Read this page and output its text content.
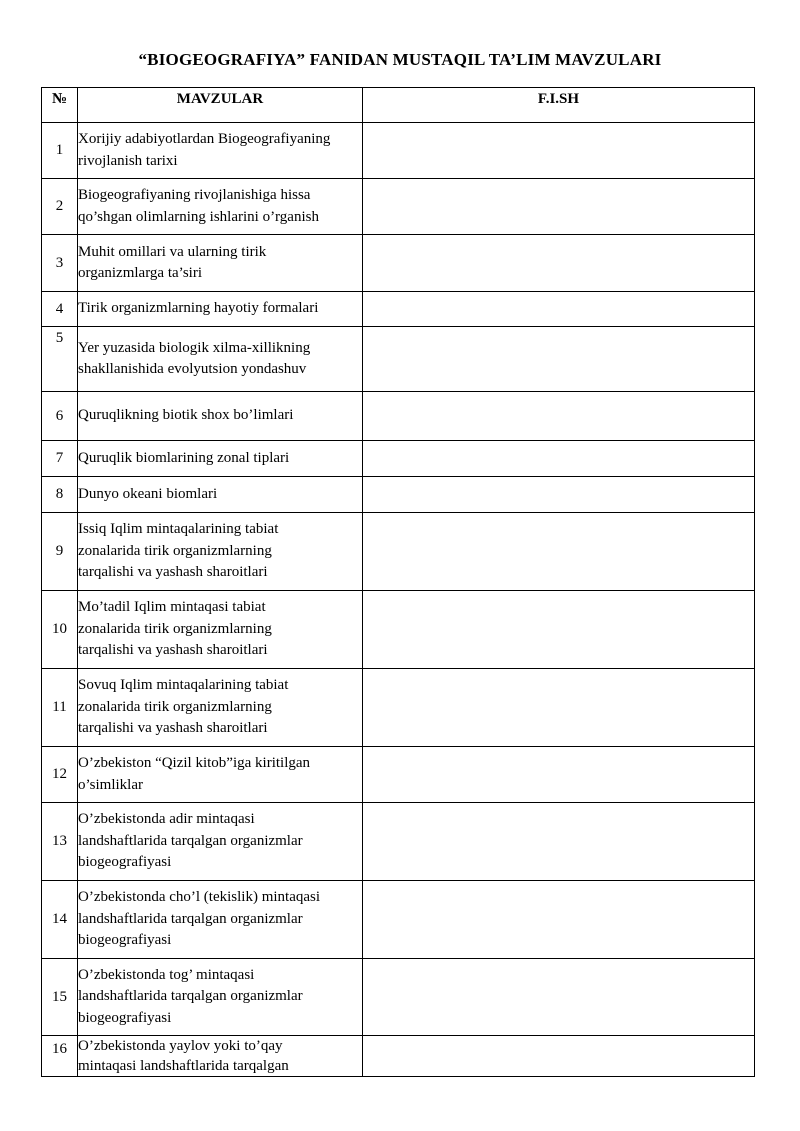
“BIOGEOGRAFIYA” FANIDAN MUSTAQIL TA’LIM MAVZULARI
№	MAVZULAR	F.I.SH
1	Xorijiy adabiyotlardan Biogeografiyaning
rivojlanish tarixi	
2	Biogeografiyaning rivojlanishiga hissa
qo’shgan olimlarning ishlarini o’rganish	
3	Muhit omillari va ularning tirik
organizmlarga ta’siri	
4	Tirik organizmlarning hayotiy formalari	
5	Yer yuzasida biologik xilma-xillikning
shakllanishida evolyutsion yondashuv	
6	Quruqlikning biotik shox bo’limlari	
7	Quruqlik biomlarining zonal tiplari	
8	Dunyo okeani biomlari	
9	Issiq Iqlim mintaqalarining tabiat
zonalarida tirik organizmlarning
tarqalishi va yashash sharoitlari	
10	Mo’tadil Iqlim mintaqasi tabiat
zonalarida tirik organizmlarning
tarqalishi va yashash sharoitlari	
11	Sovuq Iqlim mintaqalarining tabiat
zonalarida tirik organizmlarning
tarqalishi va yashash sharoitlari	
12	O’zbekiston “Qizil kitob”iga kiritilgan
o’simliklar	
13	O’zbekistonda adir mintaqasi
landshaftlarida tarqalgan organizmlar
biogeografiyasi	
14	O’zbekistonda cho’l (tekislik) mintaqasi
landshaftlarida tarqalgan organizmlar
biogeografiyasi	
15	O’zbekistonda tog’ mintaqasi
landshaftlarida tarqalgan organizmlar
biogeografiyasi	
16	O’zbekistonda yaylov yoki to’qay
mintaqasi landshaftlarida tarqalgan	
